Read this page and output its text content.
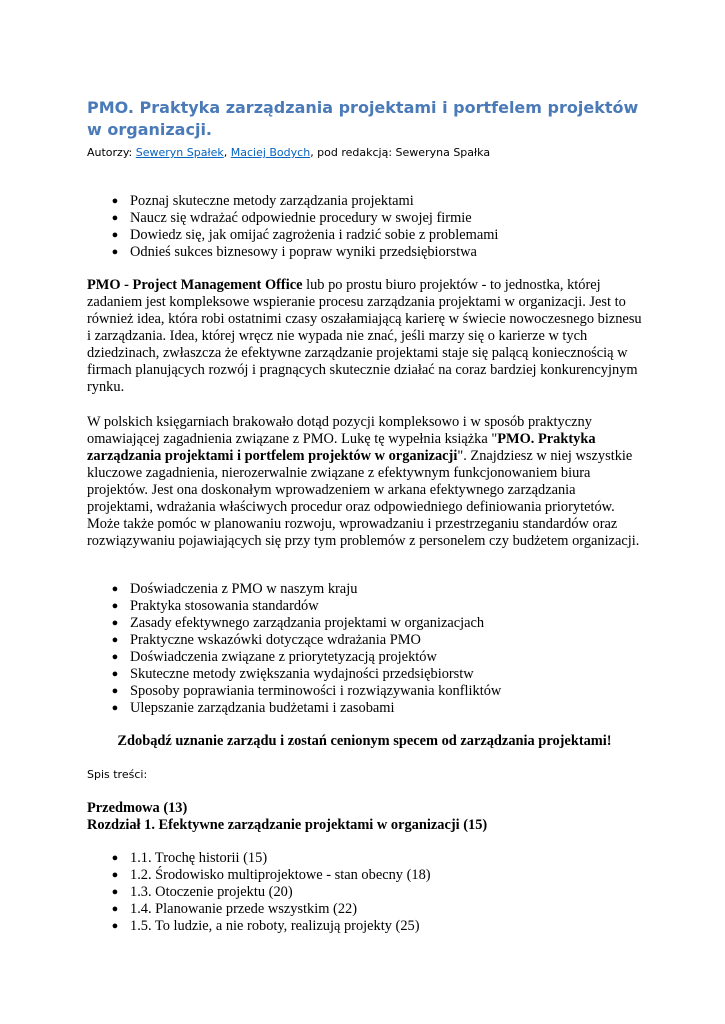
PMO. Praktyka zarządzania projektami i portfelem projektów w organizacji.
Autorzy: Seweryn Spałek, Maciej Bodych, pod redakcją: Seweryna Spałka
● Poznaj skuteczne metody zarządzania projektami
● Naucz się wdrażać odpowiednie procedury w swojej firmie
● Dowiedz się, jak omijać zagrożenia i radzić sobie z problemami
● Odnieś sukces biznesowy i popraw wyniki przedsiębiorstwa

PMO - Project Management Office lub po prostu biuro projektów - to jednostka, której zadaniem jest kompleksowe wspieranie procesu zarządzania projektami w organizacji. Jest to również idea, która robi ostatnimi czasy oszałamiającą karierę w świecie nowoczesnego biznesu i zarządzania. Idea, której wręcz nie wypada nie znać, jeśli marzy się o karierze w tych dziedzinach, zwłaszcza że efektywne zarządzanie projektami staje się palącą koniecznością w firmach planujących rozwój i pragnących skutecznie działać na coraz bardziej konkurencyjnym rynku.

W polskich księgarniach brakowało dotąd pozycji kompleksowo i w sposób praktyczny omawiającej zagadnienia związane z PMO. Lukę tę wypełnia książka "PMO. Praktyka zarządzania projektami i portfelem projektów w organizacji". Znajdziesz w niej wszystkie kluczowe zagadnienia, nierozerwalnie związane z efektywnym funkcjonowaniem biura projektów. Jest ona doskonałym wprowadzeniem w arkana efektywnego zarządzania projektami, wdrażania właściwych procedur oraz odpowiedniego definiowania priorytetów. Może także pomóc w planowaniu rozwoju, wprowadzaniu i przestrzeganiu standardów oraz rozwiązywaniu pojawiających się przy tym problemów z personelem czy budżetem organizacji.

● Doświadczenia z PMO w naszym kraju
● Praktyka stosowania standardów
● Zasady efektywnego zarządzania projektami w organizacjach
● Praktyczne wskazówki dotyczące wdrażania PMO
● Doświadczenia związane z priorytetyzacją projektów
● Skuteczne metody zwiększania wydajności przedsiębiorstw
● Sposoby poprawiania terminowości i rozwiązywania konfliktów
● Ulepszanie zarządzania budżetami i zasobami
Zdobądź uznanie zarządu i zostań cenionym specem od zarządzania projektami!
Spis treści:
Przedmowa (13)
Rozdział 1. Efektywne zarządzanie projektami w organizacji (15)
● 1.1. Trochę historii (15)
● 1.2. Środowisko multiprojektowe - stan obecny (18)
● 1.3. Otoczenie projektu (20)
● 1.4. Planowanie przede wszystkim (22)
● 1.5. To ludzie, a nie roboty, realizują projekty (25)
